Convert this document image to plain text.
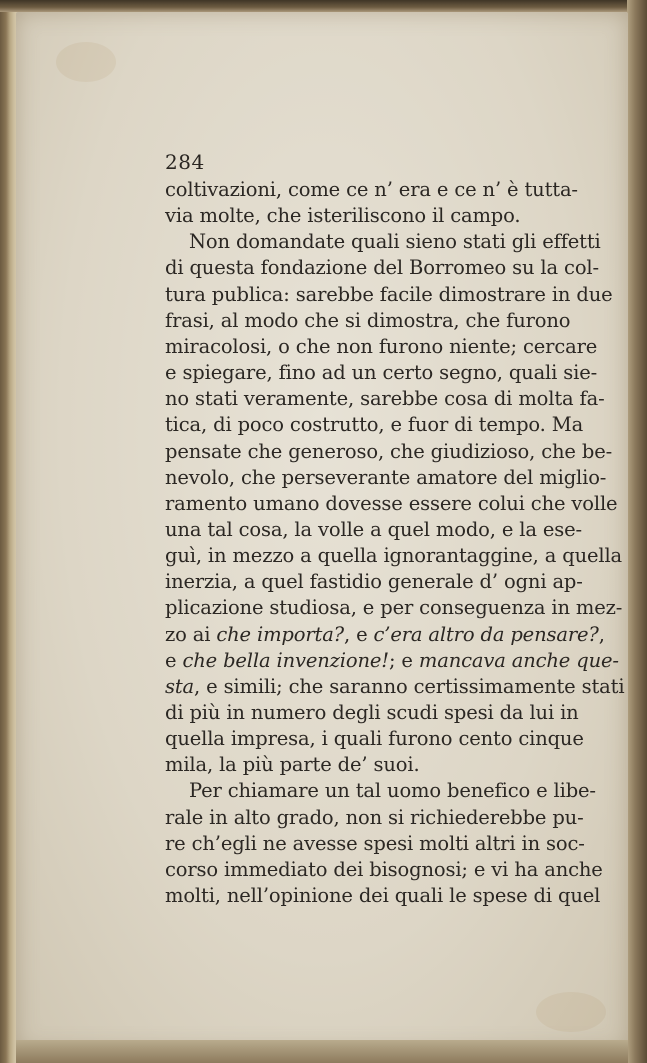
284
coltivazioni, come ce n’ era e ce n’ è tutta-
via molte, che isteriliscono il campo.
Non domandate quali sieno stati gli effetti
di questa fondazione del Borromeo su la col-
tura publica: sarebbe facile dimostrare in due
frasi, al modo che si dimostra, che furono
miracolosi, o che non furono niente; cercare
e spiegare, fino ad un certo segno, quali sie-
no stati veramente, sarebbe cosa di molta fa-
tica, di poco costrutto, e fuor di tempo. Ma
pensate che generoso, che giudizioso, che be-
nevolo, che perseverante amatore del miglio-
ramento umano dovesse essere colui che volle
una tal cosa, la volle a quel modo, e la ese-
guì, in mezzo a quella ignorantaggine, a quella
inerzia, a quel fastidio generale d’ ogni ap-
plicazione studiosa, e per conseguenza in mez-
zo ai che importa?, e c’era altro da pensare?,
e che bella invenzione!; e mancava anche que-
sta, e simili; che saranno certissimamente stati
di più in numero degli scudi spesi da lui in
quella impresa, i quali furono cento cinque
mila, la più parte de’ suoi.
Per chiamare un tal uomo benefico e libe-
rale in alto grado, non si richiederebbe pu-
re ch’egli ne avesse spesi molti altri in soc-
corso immediato dei bisognosi; e vi ha anche
molti, nell’opinione dei quali le spese di quel
